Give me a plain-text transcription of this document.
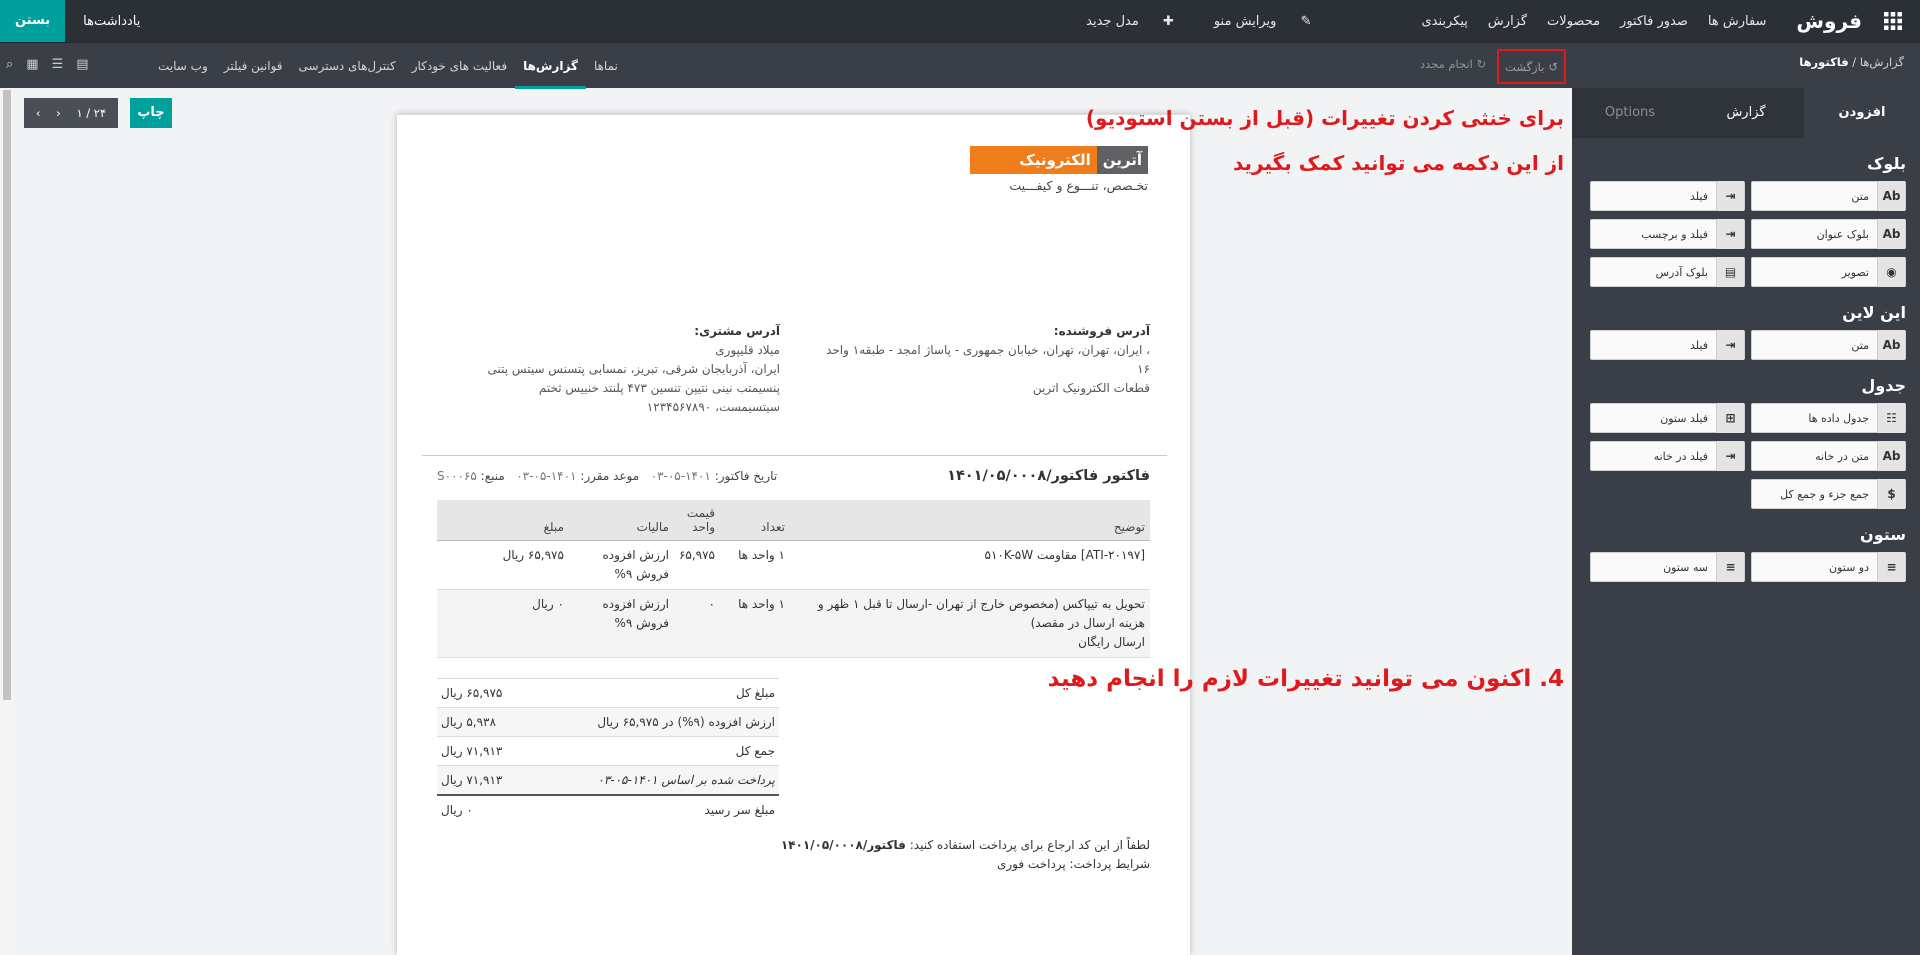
فروش
سفارش ها
صدور فاکتور
محصولات
گزارش
پیکربندی
✎ ویرایش منو
✚ مدل جدید
بستن	یادداشت‌ها
گزارش‌ها / فاکتورها
↺
بازگشت
↻ انجام مجدد
نماها
گزارش‌ها
فعالیت های خودکار
کنترل‌های دسترسی
قوانین فیلتر
وب سایت
⌕ ▦ ☰ ▤
چاپ
‹ › ۱ / ۲۴
آترین
الکترونیک
تخـصص، تنـــوع و کیفـــیت
آدرس فروشنده:
، ایران، تهران، تهران، خیابان جمهوری - پاساژ امجد - طبقه۱ واحد ۱۶
قطعات الکترونیک اترین
آدرس مشتری:
میلاد قلیپوری
ایران، آذربایجان شرقی، تبریز، نمسابی پتسنس سیتس پتنی
پنسیمتب نینی نتیپن تنسین ۴۷۳ پلنتد خنییس ثختم
سیتسیمست، ۱۲۳۴۵۶۷۸۹۰
فاکتور فاکتور/۱۴۰۱/۰۵/۰۰۰۸
تاریخ فاکتور: ۱۴۰۱-۰۵-۰۳   موعد مقرر: ۱۴۰۱-۰۵-۰۳   منبع: S۰۰۰۶۵
توضیح	تعداد	قیمت واحد	مالیات	مبلغ
[ATI-۲۰۱۹۷] مقاومت ۵۱۰K-۵W	۱ واحد ها	۶۵,۹۷۵	ارزش افزوده فروش ۹%	۶۵,۹۷۵ ریال
تحویل به تیپاکس (مخصوص خارج از تهران -ارسال تا قبل ۱ ظهر و هزینه ارسال در مقصد)
ارسال رایگان	۱ واحد ها	۰	ارزش افزوده فروش ۹%	۰ ریال
مبلغ کل	۶۵,۹۷۵ ریال
ارزش افزوده (۹%) در ۶۵,۹۷۵ ریال	۵,۹۳۸ ریال
جمع کل	۷۱,۹۱۳ ریال
پرداخت شده بر اساس ۱۴۰۱-۰۵-۰۳	۷۱,۹۱۳ ریال
مبلغ سر رسید	۰ ریال
لطفاً از این کد ارجاع برای پرداخت استفاده کنید: فاکتور/۱۴۰۱/۰۵/۰۰۰۸
شرایط پرداخت: پرداخت فوری
برای خنثی کردن تغییرات (قبل از بستن استودیو)
از این دکمه می توانید کمک بگیرید
4. اکنون می توانید تغییرات لازم را انجام دهید
افزودن
گزارش
Options
بلوک
Ab
متن
⇥
فیلد
Ab
بلوک عنوان
⇥
فیلد و برچسب
◉
تصویر
▤
بلوک آدرس
این لاین
Ab
متن
⇥
فیلد
جدول
☷
جدول داده ها
⊞
فیلد ستون
Ab
متن در خانه
⇥
فیلد در خانه
$
جمع جزء و جمع کل
ستون
≡
دو ستون
≡
سه ستون
